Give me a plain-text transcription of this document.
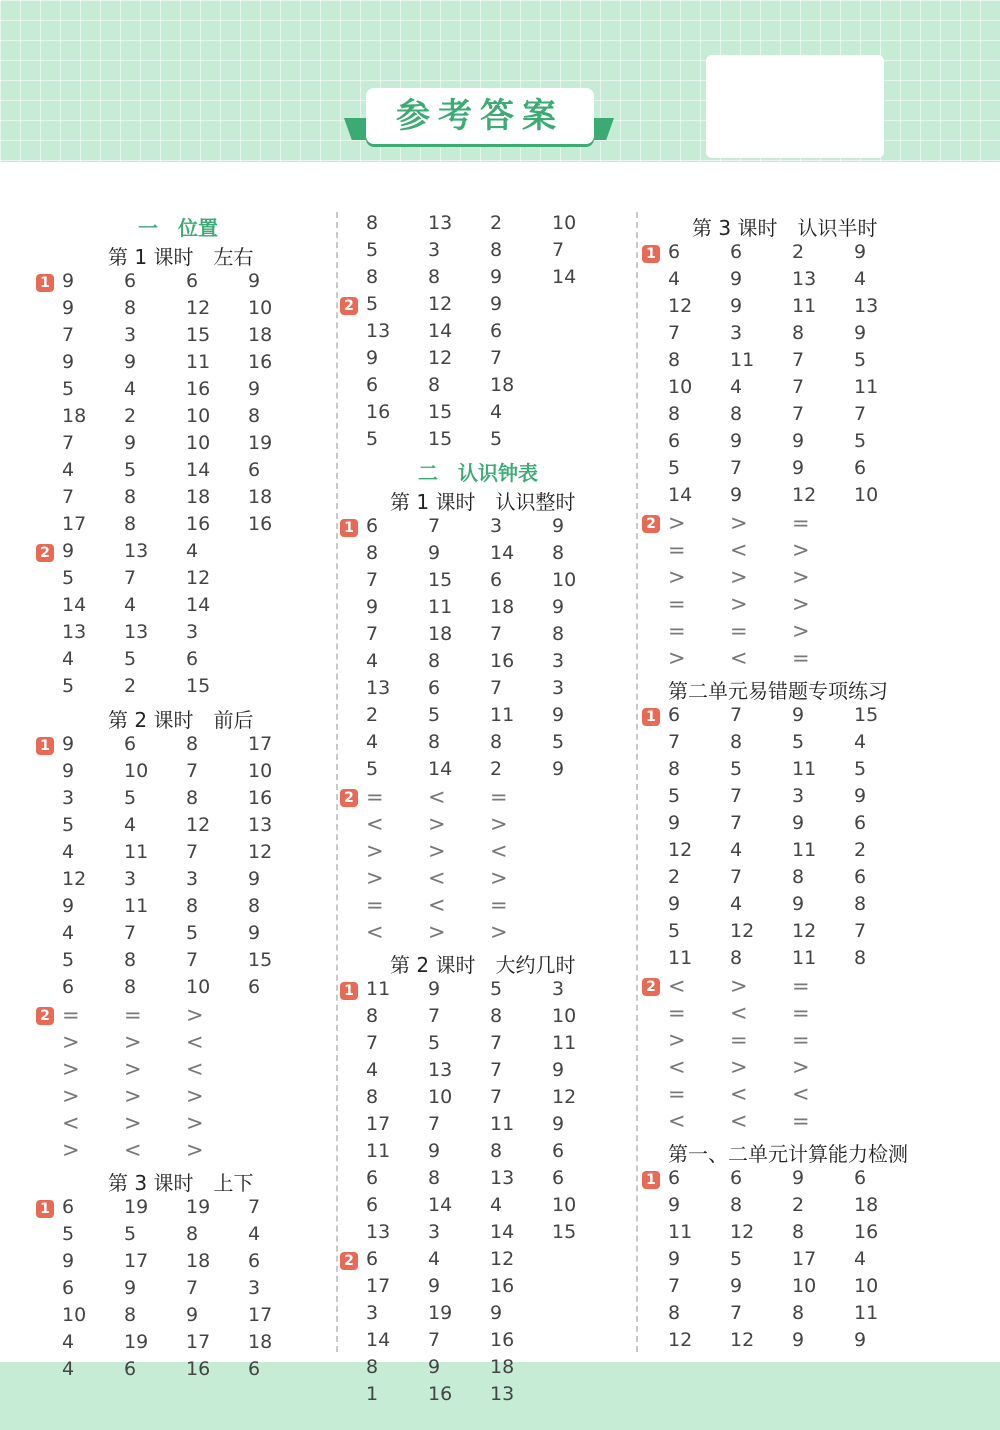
参考答案
一　位置
第 1 课时　左右
1 9	6	6	9
9	8	12 10
7	3	15 18
9	9	11 16
5	4	16 9
18 2	10 8
7	9	10 19
4	5	14 6
7	8	18 18
17 8	16 16
2 9	13 4
5	7	12
14 4	14
13 13 3
4	5	6
5	2	15
第 2 课时　前后
1 9	6	8	17
9	10 7	10
3	5	8	16
5	4	12 13
4	11 7	12
12 3	3	9
9	11 8	8
4	7	5	9
5	8	7	15
6	8	10 6
2 = = >
> > <
> > <
> > >
< > >
> < >
第 3 课时　上下
1 6	19 19 7
5	5	8	4
9	17 18 6
6	9	7	3
10 8	9	17
4	19 17 18
4	6	16 6
8	13 2	10
5	3	8	7
8	8	9	14
2 5	12 9
13 14 6
9	12 7
6	8	18
16 15 4
5	15 5
二　认识钟表
第 1 课时　认识整时
1 6	7	3	9
8	9	14 8
7	15 6	10
9	11 18 9
7	18 7	8
4	8	16 3
13 6	7	3
2	5	11 9
4	8	8	5
5	14 2	9
2 = < =
< > >
> > <
> < >
= < =
< > >
第 2 课时　大约几时
1 11 9	5	3
8	7	8	10
7	5	7	11
4	13 7	9
8	10 7	12
17 7	11 9
11 9	8	6
6	8	13 6
6	14 4	10
13 3	14 15
2 6	4	12
17 9	16
3	19 9
14 7	16
8	9	18
1	16 13
第 3 课时　认识半时
1 6	6	2	9
4	9	13 4
12 9	11 13
7	3	8	9
8	11 7	5
10 4	7	11
8	8	7	7
6	9	9	5
5	7	9	6
14 9	12 10
2 > > =
= < >
> > >
= > >
= = >
> < =
第二单元易错题专项练习
1 6	7	9	15
7	8	5	4
8	5	11 5
5	7	3	9
9	7	9	6
12 4	11 2
2	7	8	6
9	4	9	8
5	12 12 7
11 8	11 8
2 < > =
= < =
> = =
< > >
= < <
< < =
第一、二单元计算能力检测
1 6	6	9	6
9	8	2	18
11 12 8	16
9	5	17 4
7	9	10 10
8	7	8	11
12 12 9	9
